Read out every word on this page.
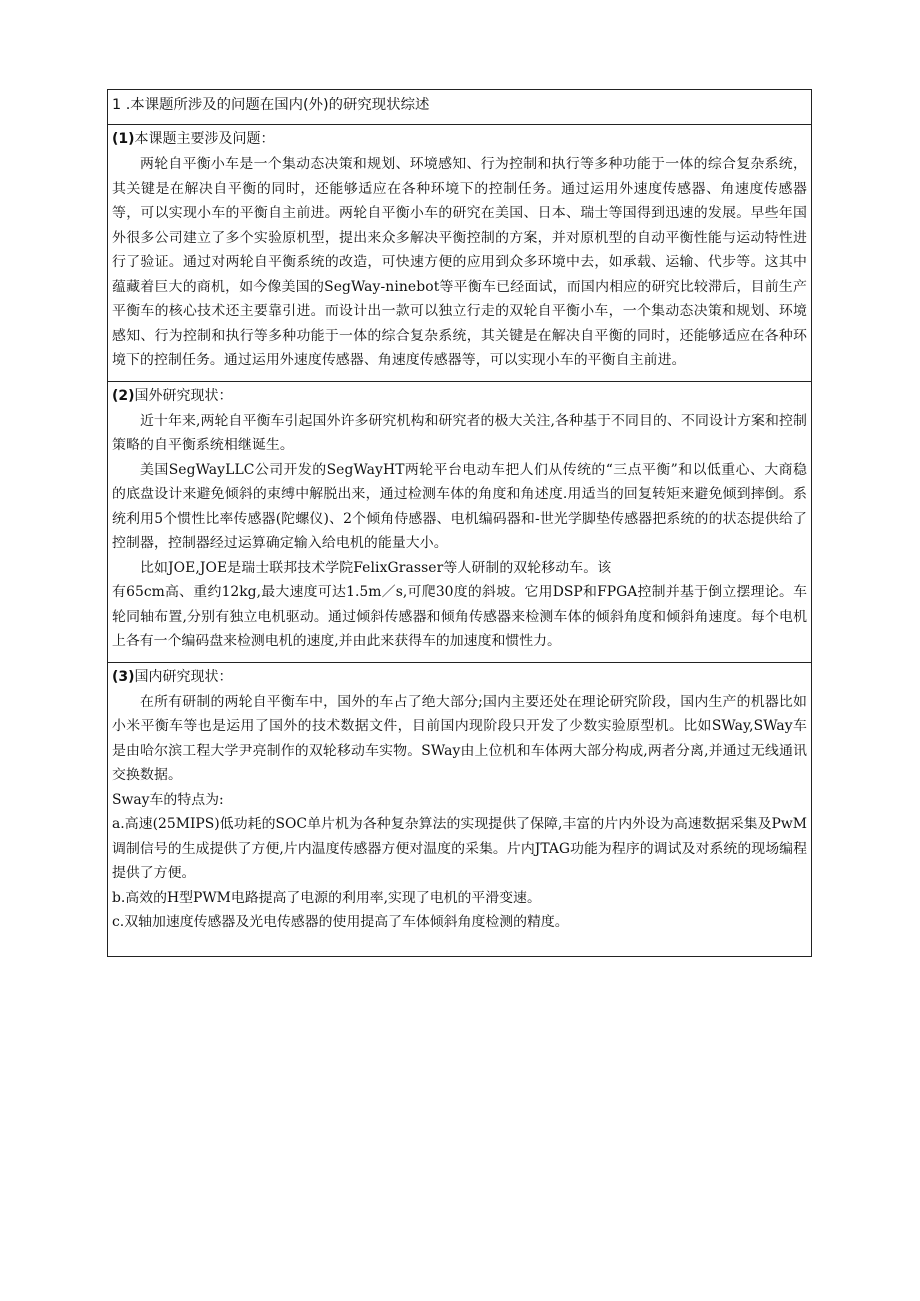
1 .本课题所涉及的问题在国内(外)的研究现状综述
(1)本课题主要涉及问题：

两轮自平衡小车是一个集动态决策和规划、环境感知、行为控制和执行等多种功能于一体的综合复杂系统，其关键是在解决自平衡的同时，还能够适应在各种环境下的控制任务。通过运用外速度传感器、角速度传感器等，可以实现小车的平衡自主前进。两轮自平衡小车的研究在美国、日本、瑞士等国得到迅速的发展。早些年国外很多公司建立了多个实验原机型，提出来众多解决平衡控制的方案，并对原机型的自动平衡性能与运动特性进行了验证。通过对两轮自平衡系统的改造，可快速方便的应用到众多环境中去，如承载、运输、代步等。这其中蕴藏着巨大的商机，如今像美国的SegWay-ninebot等平衡车已经面试，而国内相应的研究比较滞后，目前生产平衡车的核心技术还主要靠引进。而设计出一款可以独立行走的双轮自平衡小车，一个集动态决策和规划、环境感知、行为控制和执行等多种功能于一体的综合复杂系统，其关键是在解决自平衡的同时，还能够适应在各种环境下的控制任务。通过运用外速度传感器、角速度传感器等，可以实现小车的平衡自主前进。

(2)国外研究现状：

近十年来,两轮自平衡车引起国外许多研究机构和研究者的极大关注,各种基于不同目的、不同设计方案和控制策略的自平衡系统相继诞生。

美国SegWayLLC公司开发的SegWayHT两轮平台电动车把人们从传统的“三点平衡”和以低重心、大商稳的底盘设计来避免倾斜的束缚中解脱出来，通过检测车体的角度和角述度.用适当的回复转矩来避免倾到摔倒。系统利用5个惯性比率传感器(陀螺仪)、2个倾角侍感器、电机编码器和-世光学脚垫传感器把系统的的状态提供给了控制器，控制器经过运算确定输入给电机的能量大小。

比如JOE,JOE是瑞士联邦技术学院FelixGrasser等人研制的双轮移动车。该

有65cm高、重约12kg,最大速度可达1.5m／s,可爬30度的斜坡。它用DSP和FPGA控制并基于倒立摆理论。车轮同轴布置,分别有独立电机驱动。通过倾斜传感器和倾角传感器来检测车体的倾斜角度和倾斜角速度。每个电机上各有一个编码盘来检测电机的速度,并由此来获得车的加速度和惯性力。

(3)国内研究现状：

在所有研制的两轮自平衡车中，国外的车占了绝大部分;国内主要还处在理论研究阶段，国内生产的机器比如小米平衡车等也是运用了国外的技术数据文件，目前国内现阶段只开发了少数实验原型机。比如SWay,SWay车是由哈尔滨工程大学尹亮制作的双轮移动车实物。SWay由上位机和车体两大部分构成,两者分离,并通过无线通讯交换数据。

Sway车的特点为:

a.高速(25MIPS)低功耗的SOC单片机为各种复杂算法的实现提供了保障,丰富的片内外设为高速数据采集及PwM调制信号的生成提供了方便,片内温度传感器方便对温度的采集。片内JTAG功能为程序的调试及对系统的现场编程提供了方便。

b.高效的H型PWM电路提高了电源的利用率,实现了电机的平滑变速。

c.双轴加速度传感器及光电传感器的使用提高了车体倾斜角度检测的精度。
